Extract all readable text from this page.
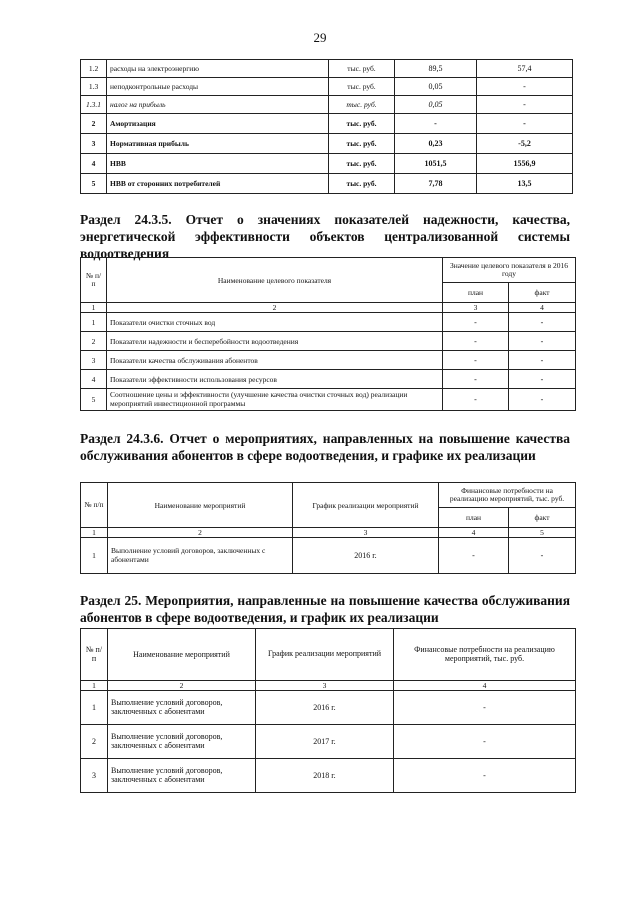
29
1.2	расходы на электроэнергию	тыс. руб.	89,5	57,4
1.3	неподконтрольные расходы	тыс. руб.	0,05	-
1.3.1	налог на прибыль	тыс. руб.	0,05	-
2	Амортизация	тыс. руб.	-	-
3	Нормативная прибыль	тыс. руб.	0,23	-5,2
4	НВВ	тыс. руб.	1051,5	1556,9
5	НВВ от сторонних потребителей	тыс. руб.	7,78	13,5
Раздел 24.3.5. Отчет о значениях показателей надежности, качества, энергетической эффективности объектов централизованной системы водоотведения
№ п/п	Наименование целевого показателя	Значение целевого показателя в 2016 году	
		план	факт
1	2	3	4
1	Показатели очистки сточных вод	-	-
2	Показатели надежности и бесперебойности водоотведения	-	-
3	Показатели качества обслуживания абонентов	-	-
4	Показатели эффективности использования ресурсов	-	-
5	Соотношение цены и эффективности (улучшение качества очистки сточных вод) реализации мероприятий инвестиционной программы	-	-
Раздел 24.3.6. Отчет о мероприятиях, направленных на повышение качества обслуживания абонентов в сфере водоотведения, и графике их реализации
№ п/п	Наименование мероприятий	График реализации мероприятий	Финансовые потребности на реализацию мероприятий, тыс. руб.	
			план	факт
1	2	3	4	5
1	Выполнение условий договоров, заключенных с абонентами	2016 г.	-	-
Раздел 25. Мероприятия, направленные на повышение качества обслуживания абонентов в сфере водоотведения, и график их реализации
№ п/п	Наименование мероприятий	График реализации мероприятий	Финансовые потребности на реализацию мероприятий, тыс. руб.
1	2	3	4
1	Выполнение условий договоров, заключенных с абонентами	2016 г.	-
2	Выполнение условий договоров, заключенных с абонентами	2017 г.	-
3	Выполнение условий договоров, заключенных с абонентами	2018 г.	-
